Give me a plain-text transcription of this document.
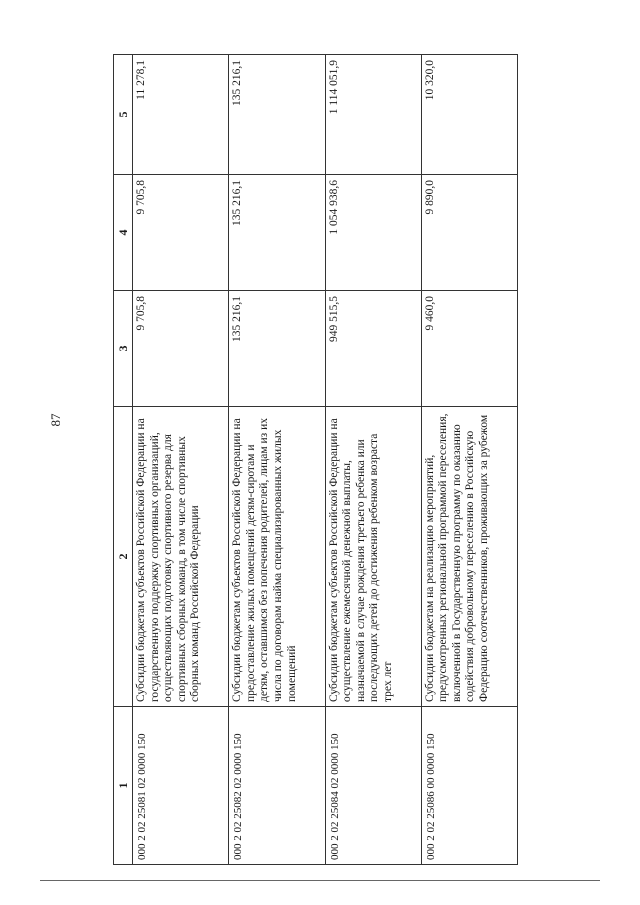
87
1	2	3	4	5
000 2 02 25081 02 0000 150	Субсидии бюджетам субъектов Российской Федерации на государственную поддержку спортивных организаций, осуществляющих подготовку спортивного резерва для спортивных сборных команд, в том числе спортивных сборных команд Российской Федерации	9 705,8	9 705,8	11 278,1
000 2 02 25082 02 0000 150	Субсидии бюджетам субъектов Российской Федерации на предоставление жилых помещений детям-сиротам и детям, оставшимся без попечения родителей, лицам из их числа по договорам найма специализированных жилых помещений	135 216,1	135 216,1	135 216,1
000 2 02 25084 02 0000 150	Субсидии бюджетам субъектов Российской Федерации на осуществление ежемесячной денежной выплаты, назначаемой в случае рождения третьего ребенка или последующих детей до достижения ребенком возраста трех лет	949 515,5	1 054 938,6	1 114 051,9
000 2 02 25086 00 0000 150	Субсидии бюджетам на реализацию мероприятий, предусмотренных региональной программой переселения, включенной в Государственную программу по оказанию содействия добровольному переселению в Российскую Федерацию соотечественников, проживающих за рубежом	9 460,0	9 890,0	10 320,0
